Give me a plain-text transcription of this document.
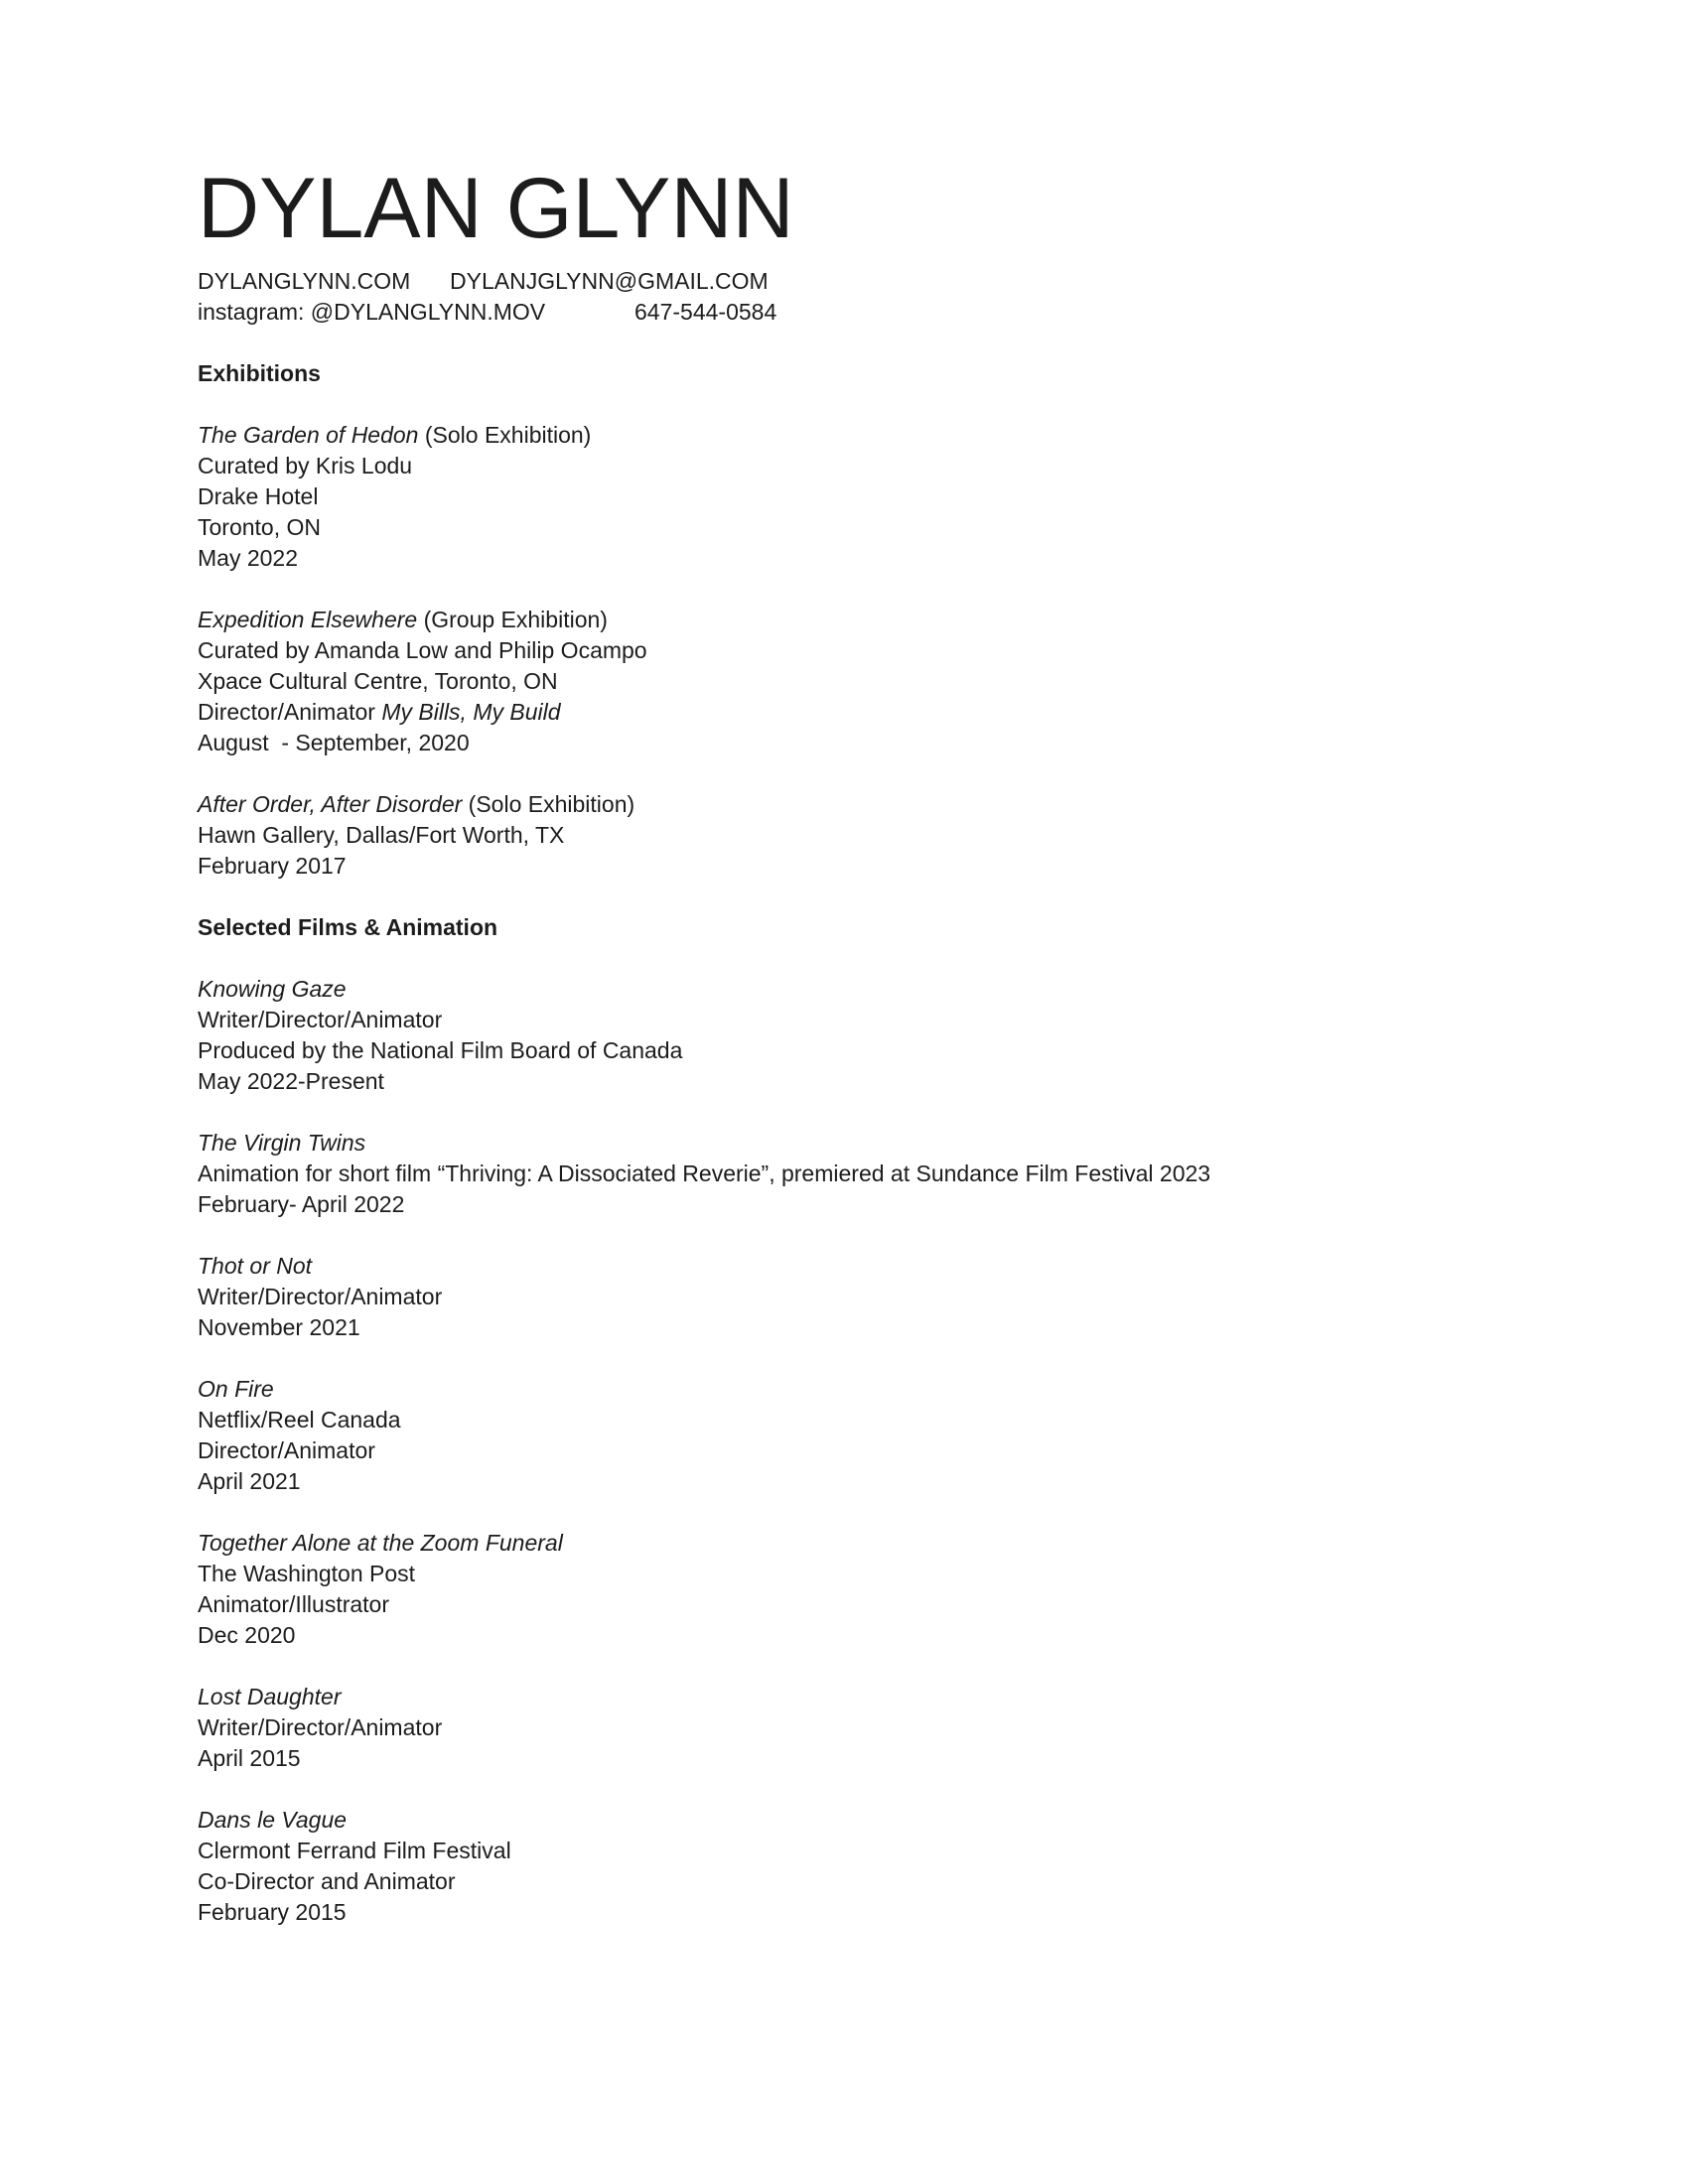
DYLAN GLYNN
DYLANGLYNN.COM	DYLANJGLYNN@GMAIL.COM
instagram: @DYLANGLYNN.MOV	647-544-0584
Exhibitions
The Garden of Hedon (Solo Exhibition)
Curated by Kris Lodu
Drake Hotel
Toronto, ON
May 2022
Expedition Elsewhere (Group Exhibition)
Curated by Amanda Low and Philip Ocampo
Xpace Cultural Centre, Toronto, ON
Director/Animator My Bills, My Build
August  - September, 2020
After Order, After Disorder (Solo Exhibition)
Hawn Gallery, Dallas/Fort Worth, TX
February 2017
Selected Films & Animation
Knowing Gaze
Writer/Director/Animator
Produced by the National Film Board of Canada
May 2022-Present
The Virgin Twins
Animation for short film “Thriving: A Dissociated Reverie”, premiered at Sundance Film Festival 2023
February- April 2022
Thot or Not
Writer/Director/Animator
November 2021
On Fire
Netflix/Reel Canada
Director/Animator
April 2021
Together Alone at the Zoom Funeral
The Washington Post
Animator/Illustrator
Dec 2020
Lost Daughter
Writer/Director/Animator
April 2015
Dans le Vague
Clermont Ferrand Film Festival
Co-Director and Animator
February 2015
